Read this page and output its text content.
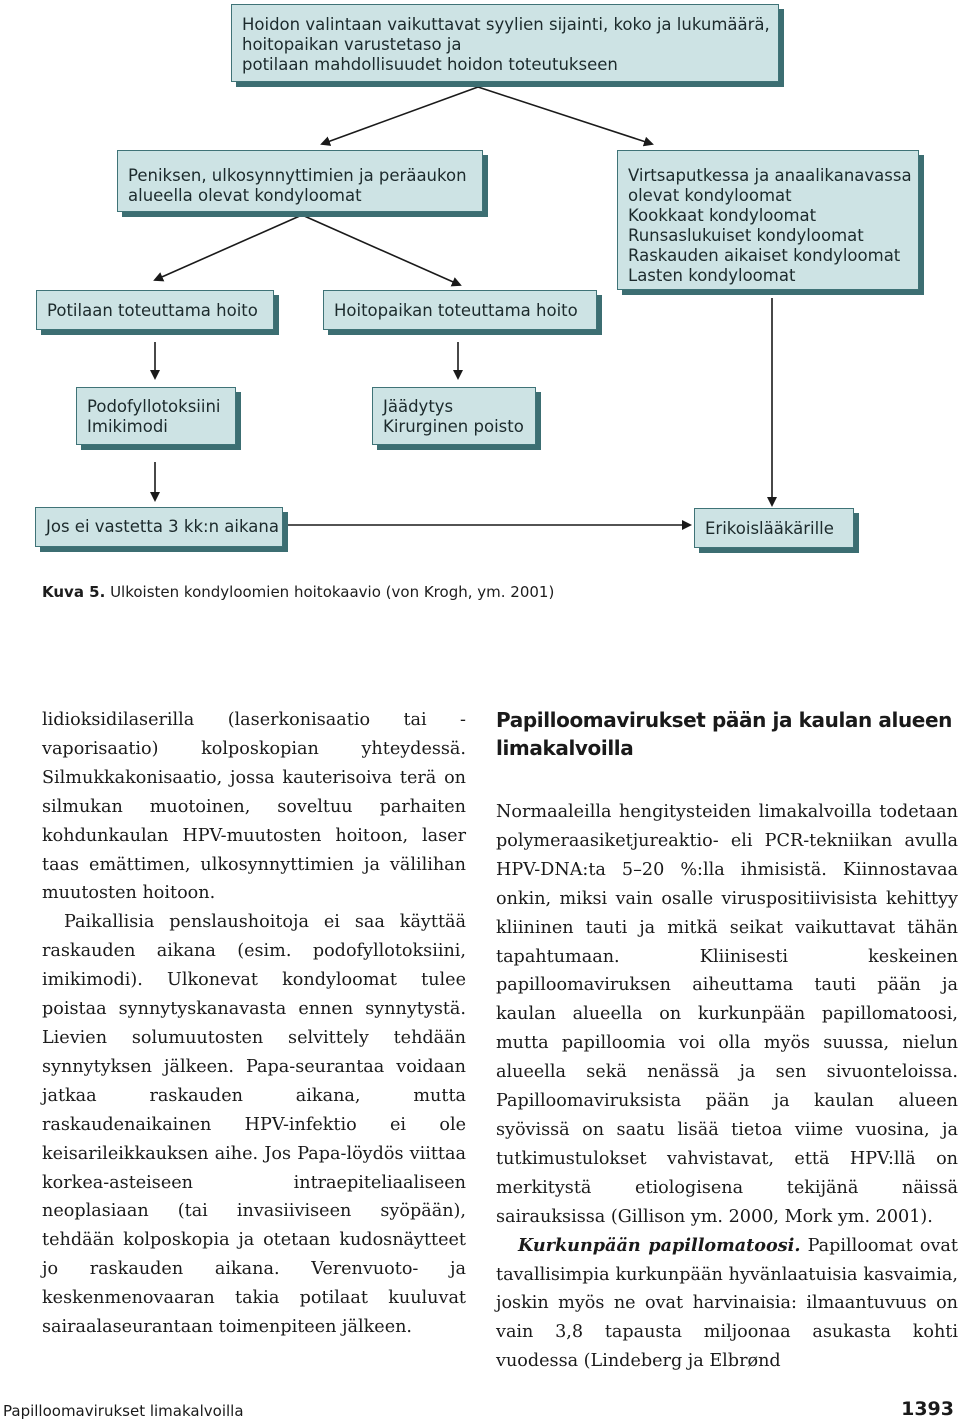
Hoidon valintaan vaikuttavat syylien sijainti, koko ja lukumäärä,
hoitopaikan varustetaso ja
potilaan mahdollisuudet hoidon toteutukseen
Peniksen, ulkosynnyttimien ja peräaukon
alueella olevat kondyloomat
Virtsaputkessa ja anaalikanavassa
olevat kondyloomat
Kookkaat kondyloomat
Runsaslukuiset kondyloomat
Raskauden aikaiset kondyloomat
Lasten kondyloomat
Potilaan toteuttama hoito	Hoitopaikan toteuttama hoito
Podofyllotoksiini
Imikimodi
Jäädytys
Kirurginen poisto
Jos ei vastetta 3 kk:n aikana	Erikoislääkärille
Kuva 5. Ulkoisten kondyloomien hoitokaavio (von Krogh, ym. 2001)

lidioksidilaserilla (laserkonisaatio tai -vaporisaatio) kolposkopian yhteydessä. Silmukkakonisaatio, jossa kauterisoiva terä on silmukan muotoinen, soveltuu parhaiten kohdunkaulan HPV-muutosten hoitoon, laser taas emättimen, ulkosynnyttimien ja välilihan muutosten hoitoon.

Paikallisia penslaushoitoja ei saa käyttää raskauden aikana (esim. podofyllotoksiini, imikimodi). Ulkonevat kondyloomat tulee poistaa synnytyskanavasta ennen synnytystä. Lievien solumuutosten selvittely tehdään synnytyksen jälkeen. Papa-seurantaa voidaan jatkaa raskauden aikana, mutta raskaudenaikainen HPV-infektio ei ole keisarileikkauksen aihe. Jos Papa-löydös viittaa korkea-asteiseen intraepiteliaaliseen neoplasiaan (tai invasiiviseen syöpään), tehdään kolposkopia ja otetaan kudosnäytteet jo raskauden aikana. Verenvuoto- ja keskenmenovaaran takia potilaat kuuluvat sairaalaseurantaan toimenpiteen jälkeen.

Papilloomavirukset pään ja kaulan alueen limakalvoilla

Normaaleilla hengitysteiden limakalvoilla todetaan polymeraasiketjureaktio- eli PCR-tekniikan avulla HPV-DNA:ta 5–20 %:lla ihmisistä. Kiinnostavaa onkin, miksi vain osalle viruspositiivisista kehittyy kliininen tauti ja mitkä seikat vaikuttavat tähän tapahtumaan. Kliinisesti keskeinen papilloomaviruksen aiheuttama tauti pään ja kaulan alueella on kurkunpään papillomatoosi, mutta papilloomia voi olla myös suussa, nielun alueella sekä nenässä ja sen sivuonteloissa. Papilloomaviruksista pään ja kaulan alueen syövissä on saatu lisää tietoa viime vuosina, ja tutkimustulokset vahvistavat, että HPV:llä on merkitystä etiologisena tekijänä näissä sairauksissa (Gillison ym. 2000, Mork ym. 2001).

Kurkunpään papillomatoosi. Papilloomat ovat tavallisimpia kurkunpään hyvänlaatuisia kasvaimia, joskin myös ne ovat harvinaisia: ilmaantuvuus on vain 3,8 tapausta miljoonaa asukasta kohti vuodessa (Lindeberg ja Elbrønd

Papilloomavirukset limakalvoilla	1393
